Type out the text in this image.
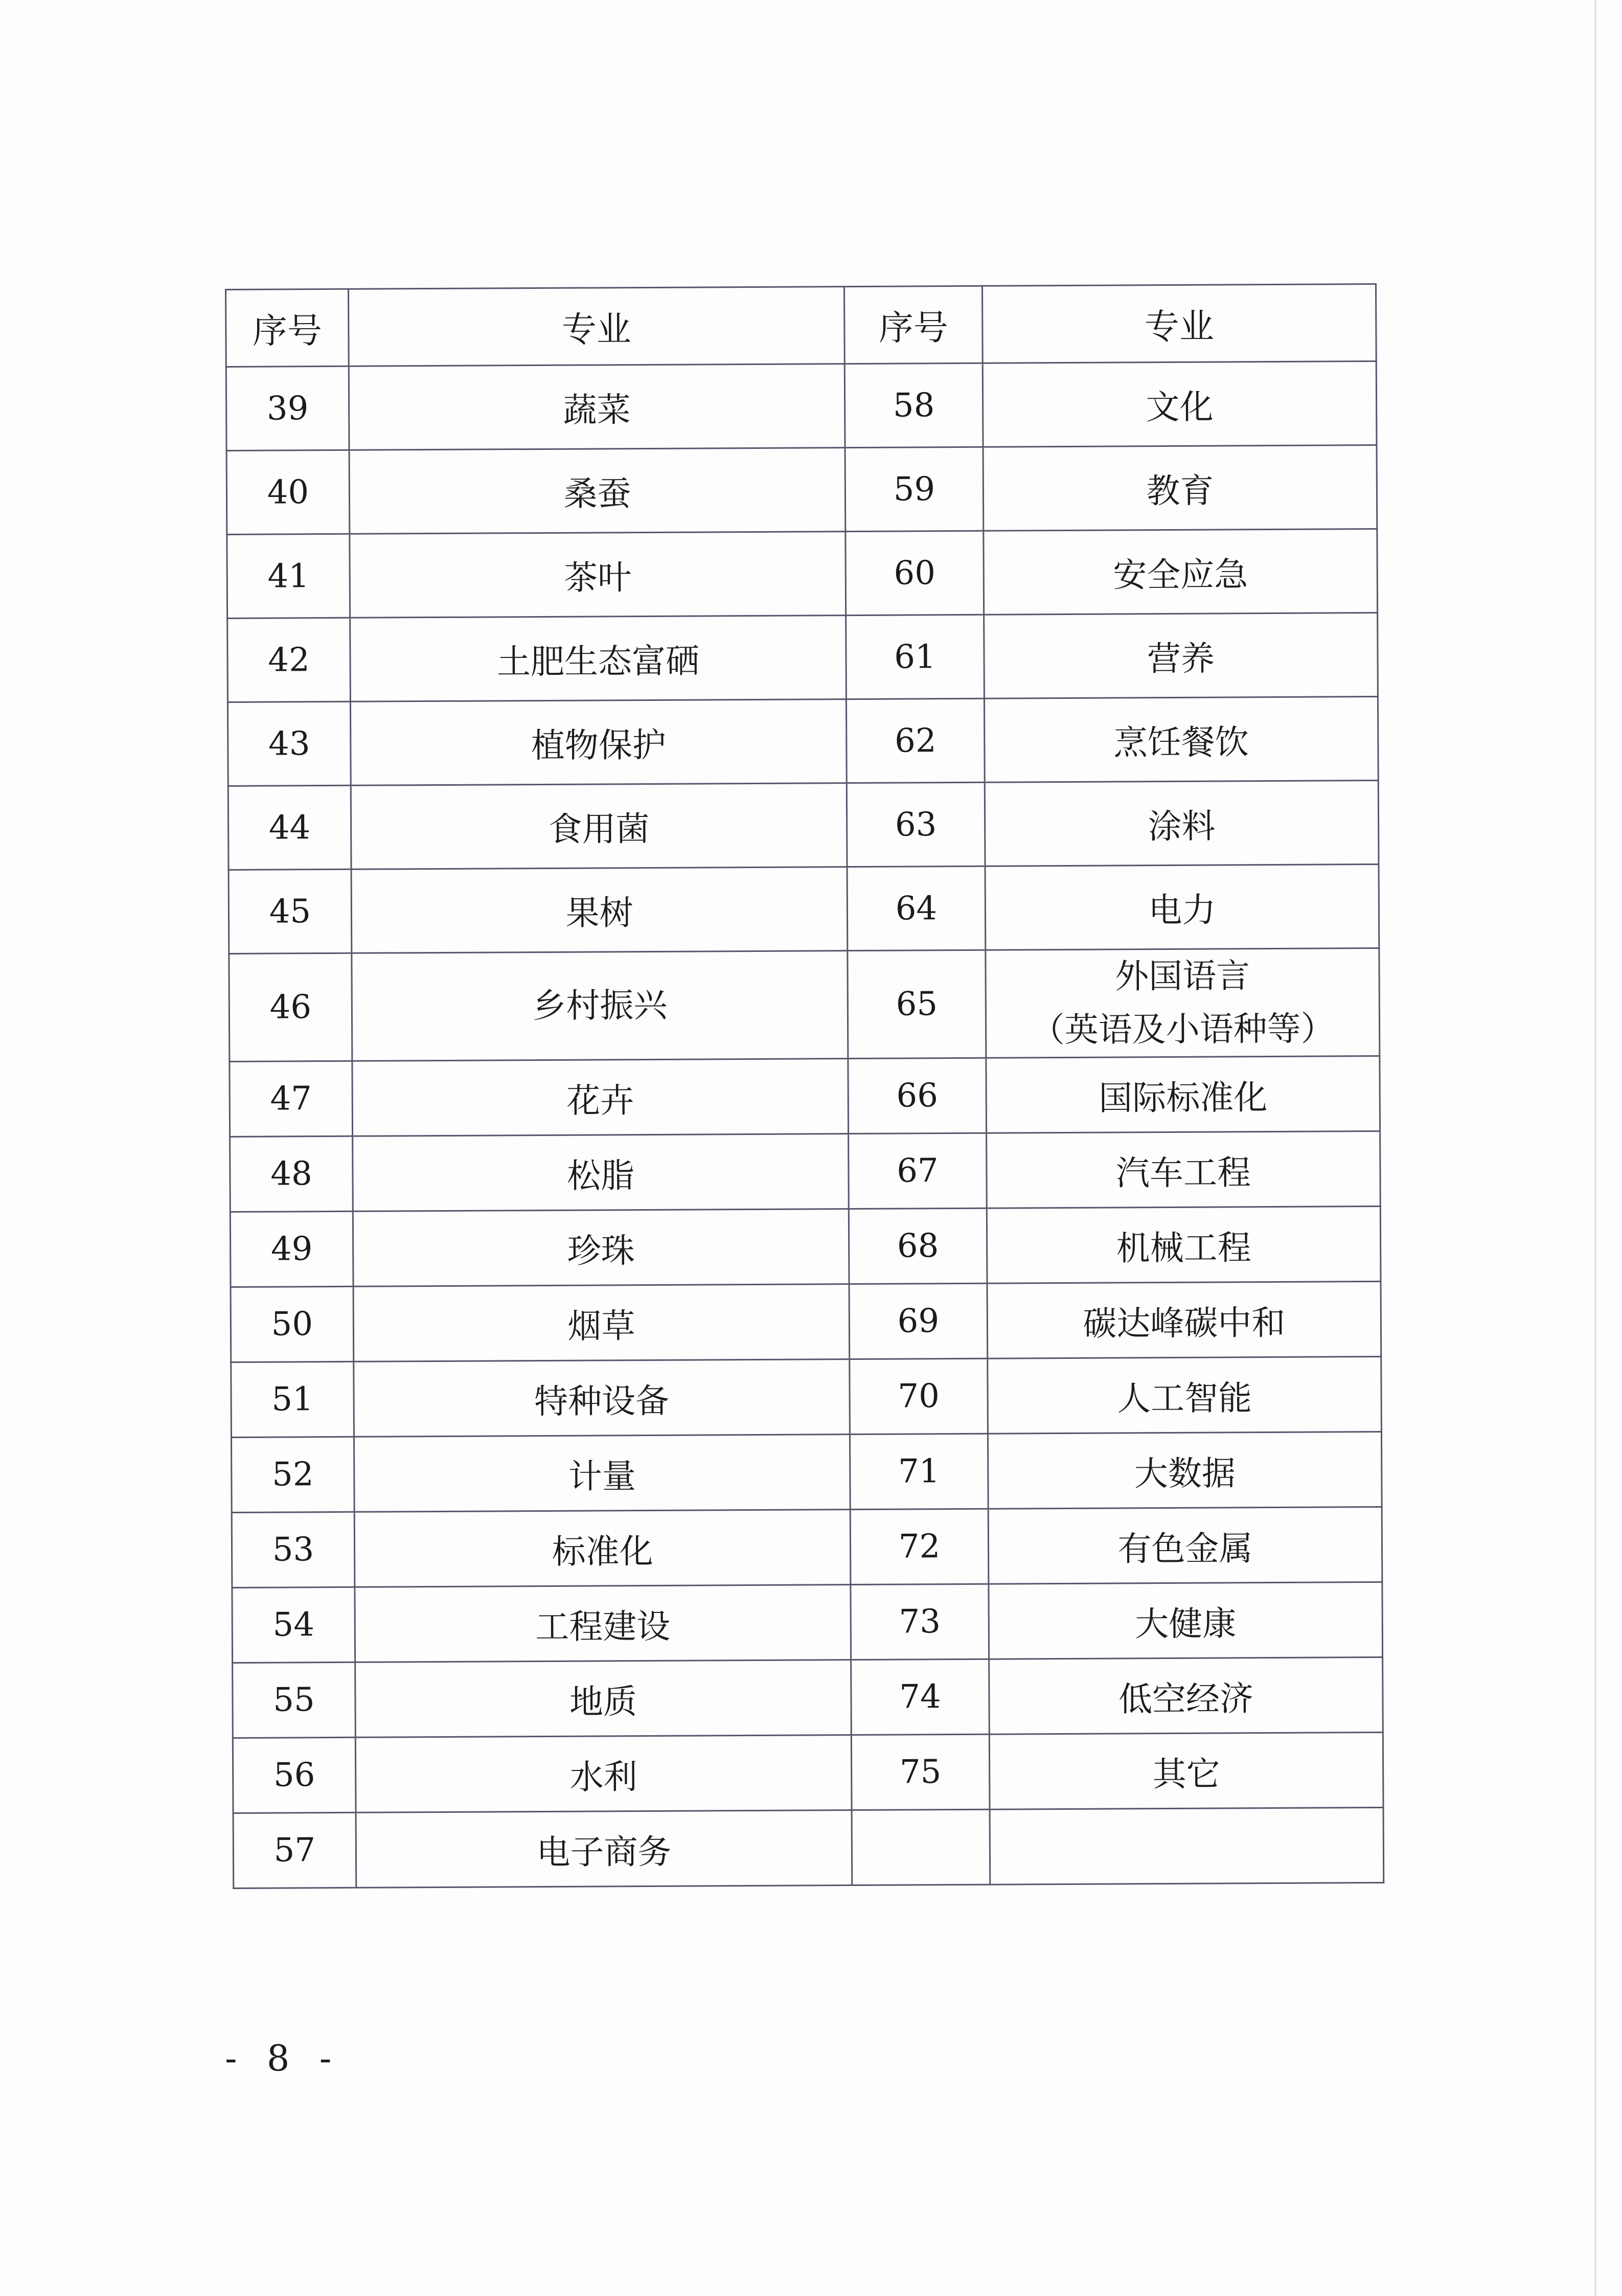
序号	专业	序号	专业
39	蔬菜	58	文化
40	桑蚕	59	教育
41	茶叶	60	安全应急
42	土肥生态富硒	61	营养
43	植物保护	62	烹饪餐饮
44	食用菌	63	涂料
45	果树	64	电力
46	乡村振兴	65	外国语言
（英语及小语种等）

47	花卉	66	国际标准化
48	松脂	67	汽车工程
49	珍珠	68	机械工程
50	烟草	69	碳达峰碳中和
51	特种设备	70	人工智能
52	计量	71	大数据
53	标准化	72	有色金属
54	工程建设	73	大健康
55	地质	74	低空经济
56	水利	75	其它
57	电子商务		
- 8 -
